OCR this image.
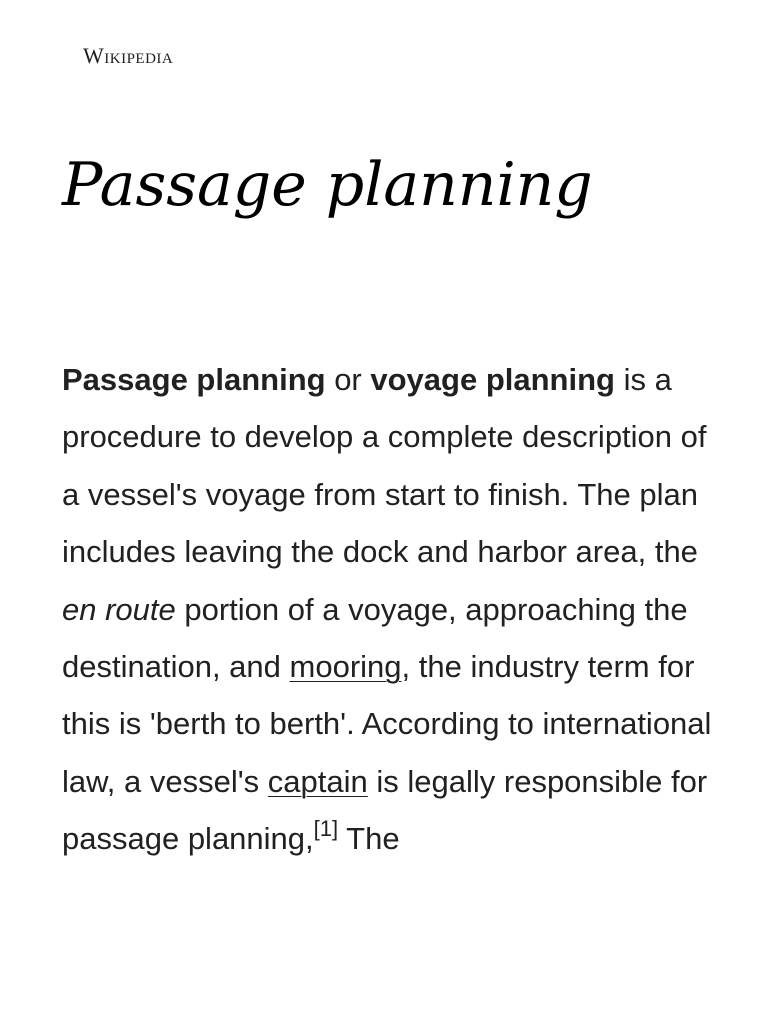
Wikipedia
Passage planning

Passage planning or voyage planning is a procedure to develop a complete description of a vessel's voyage from start to finish. The plan includes leaving the dock and harbor area, the en route portion of a voyage, approaching the destination, and mooring, the industry term for this is 'berth to berth'. According to international law, a vessel's captain is legally responsible for passage planning,[1] The
